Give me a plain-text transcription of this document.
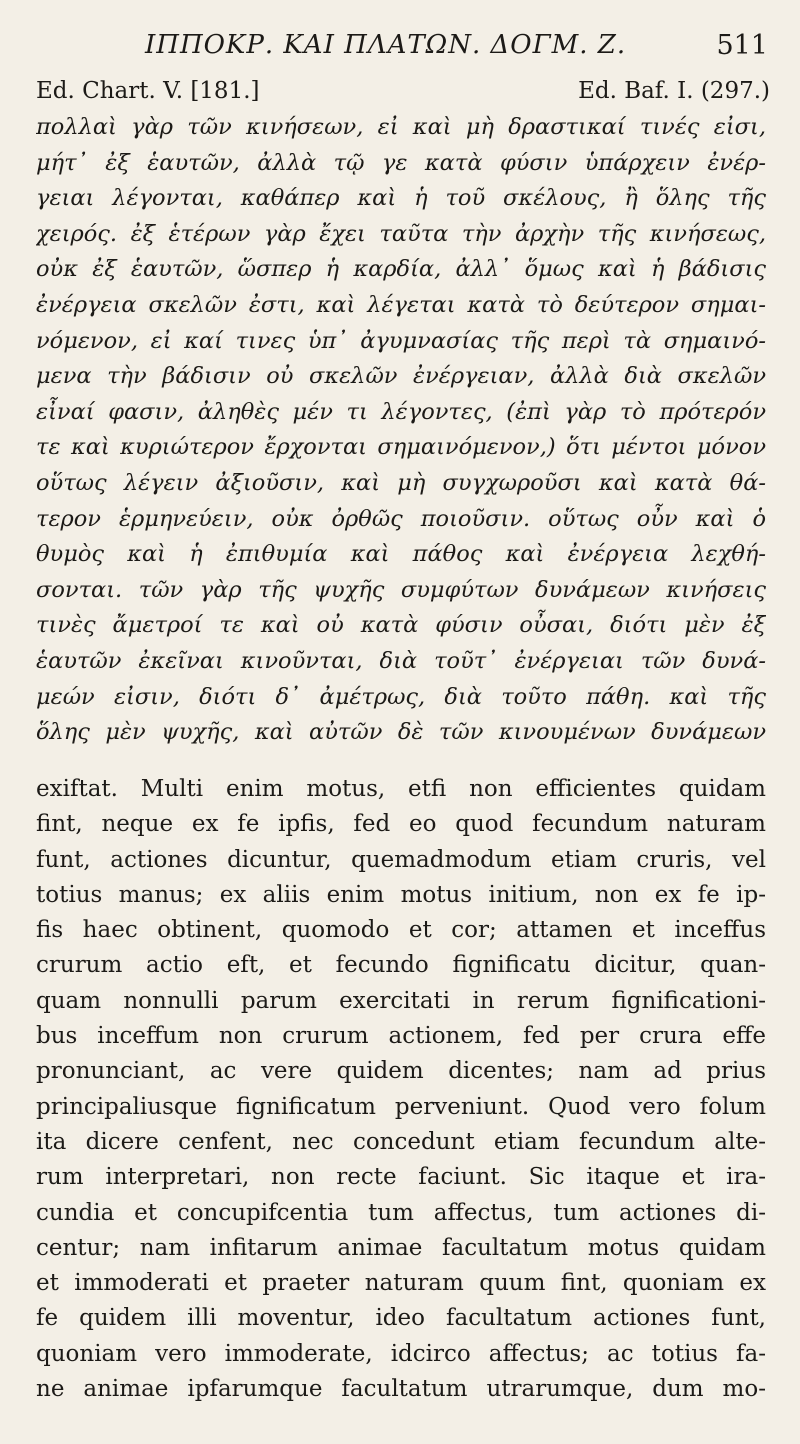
ΙΠΠΟΚΡ. ΚΑΙ ΠΛΑΤΩΝ. ΔΟΓΜ. Ζ.	511
Ed. Chart. V. [181.]	Ed. Baf. I. (297.)
πολλαὶ γὰρ τῶν κινήσεων, εἰ καὶ μὴ δραστικαί τινές εἰσι,
μήτ᾽ ἐξ ἑαυτῶν, ἀλλὰ τῷ γε κατὰ φύσιν ὑπάρχειν ἐνέρ-
γειαι λέγονται, καθάπερ καὶ ἡ τοῦ σκέλους, ἢ ὅλης τῆς
χειρός. ἐξ ἑτέρων γὰρ ἔχει ταῦτα τὴν ἀρχὴν τῆς κινήσεως,
οὐκ ἐξ ἑαυτῶν, ὥσπερ ἡ καρδία, ἀλλ᾽ ὅμως καὶ ἡ βάδισις
ἐνέργεια σκελῶν ἐστι, καὶ λέγεται κατὰ τὸ δεύτερον σημαι-
νόμενον, εἰ καί τινες ὑπ᾽ ἀγυμνασίας τῆς περὶ τὰ σημαινό-
μενα τὴν βάδισιν οὐ σκελῶν ἐνέργειαν, ἀλλὰ διὰ σκελῶν
εἶναί φασιν, ἀληθὲς μέν τι λέγοντες, (ἐπὶ γὰρ τὸ πρότερόν
τε καὶ κυριώτερον ἔρχονται σημαινόμενον,) ὅτι μέντοι μόνον
οὕτως λέγειν ἀξιοῦσιν, καὶ μὴ συγχωροῦσι καὶ κατὰ θά-
τερον ἑρμηνεύειν, οὐκ ὀρθῶς ποιοῦσιν. οὕτως οὖν καὶ ὁ
θυμὸς καὶ ἡ ἐπιθυμία καὶ πάθος καὶ ἐνέργεια λεχθή-
σονται. τῶν γὰρ τῆς ψυχῆς συμφύτων δυνάμεων κινήσεις
τινὲς ἄμετροί τε καὶ οὐ κατὰ φύσιν οὖσαι, διότι μὲν ἐξ
ἑαυτῶν ἐκεῖναι κινοῦνται, διὰ τοῦτ᾽ ἐνέργειαι τῶν δυνά-
μεών εἰσιν, διότι δ᾽ ἀμέτρως, διὰ τοῦτο πάθη. καὶ τῆς
ὅλης μὲν ψυχῆς, καὶ αὐτῶν δὲ τῶν κινουμένων δυνάμεων
exiftat. Multi enim motus, etfi non efficientes quidam
fint, neque ex fe ipfis, fed eo quod fecundum naturam
funt, actiones dicuntur, quemadmodum etiam cruris, vel
totius manus; ex aliis enim motus initium, non ex fe ip-
fis haec obtinent, quomodo et cor; attamen et inceffus
crurum actio eft, et fecundo fignificatu dicitur, quan-
quam nonnulli parum exercitati in rerum fignificationi-
bus inceffum non crurum actionem, fed per crura effe
pronunciant, ac vere quidem dicentes; nam ad prius
principaliusque fignificatum perveniunt. Quod vero folum
ita dicere cenfent, nec concedunt etiam fecundum alte-
rum interpretari, non recte faciunt. Sic itaque et ira-
cundia et concupifcentia tum affectus, tum actiones di-
centur; nam infitarum animae facultatum motus quidam
et immoderati et praeter naturam quum fint, quoniam ex
fe quidem illi moventur, ideo facultatum actiones funt,
quoniam vero immoderate, idcirco affectus; ac totius fa-
ne animae ipfarumque facultatum utrarumque, dum mo-
